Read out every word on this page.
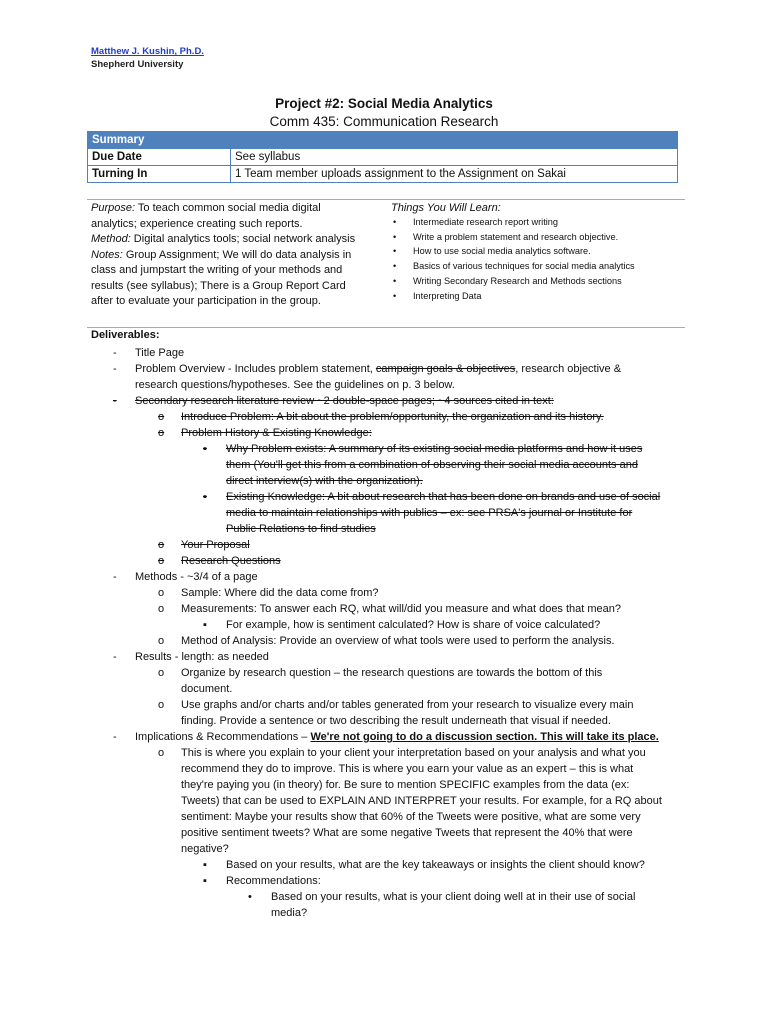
Matthew J. Kushin, Ph.D.
Shepherd University
Project #2: Social Media Analytics
Comm 435: Communication Research
Summary	
Due Date	See syllabus
Turning In	1 Team member uploads assignment to the Assignment on Sakai
Purpose: To teach common social media digital
analytics; experience creating such reports.
Method: Digital analytics tools; social network analysis
Notes: Group Assignment; We will do data analysis in
class and jumpstart the writing of your methods and
results (see syllabus); There is a Group Report Card
after to evaluate your participation in the group.
Things You Will Learn:
• Intermediate research report writing
• Write a problem statement and research objective.
• How to use social media analytics software.
• Basics of various techniques for social media analytics
• Writing Secondary Research and Methods sections
• Interpreting Data
Deliverables:
- Title Page
- Problem Overview - Includes problem statement, campaign goals & objectives, research objective &
research questions/hypotheses. See the guidelines on p. 3 below.
- Secondary research literature review ~2 double-space pages; ~4 sources cited in text:
o Introduce Problem: A bit about the problem/opportunity, the organization and its history.
o Problem History & Existing Knowledge:
▪ Why Problem exists: A summary of its existing social media platforms and how it uses
them (You'll get this from a combination of observing their social media accounts and
direct interview(s) with the organization).
▪ Existing Knowledge: A bit about research that has been done on brands and use of social
media to maintain relationships with publics – ex: see PRSA's journal or Institute for
Public Relations to find studies
o Your Proposal
o Research Questions
- Methods - ~3/4 of a page
o Sample: Where did the data come from?
o Measurements: To answer each RQ, what will/did you measure and what does that mean?
▪ For example, how is sentiment calculated? How is share of voice calculated?
o Method of Analysis: Provide an overview of what tools were used to perform the analysis.
- Results - length: as needed
o Organize by research question – the research questions are towards the bottom of this
document.
o Use graphs and/or charts and/or tables generated from your research to visualize every main
finding. Provide a sentence or two describing the result underneath that visual if needed.
- Implications & Recommendations – We're not going to do a discussion section. This will take its place.
o This is where you explain to your client your interpretation based on your analysis and what you
recommend they do to improve. This is where you earn your value as an expert – this is what
they're paying you (in theory) for. Be sure to mention SPECIFIC examples from the data (ex:
Tweets) that can be used to EXPLAIN AND INTERPRET your results. For example, for a RQ about
sentiment: Maybe your results show that 60% of the Tweets were positive, what are some very
positive sentiment tweets? What are some negative Tweets that represent the 40% that were
negative?
▪ Based on your results, what are the key takeaways or insights the client should know?
▪ Recommendations:
• Based on your results, what is your client doing well at in their use of social
media?
